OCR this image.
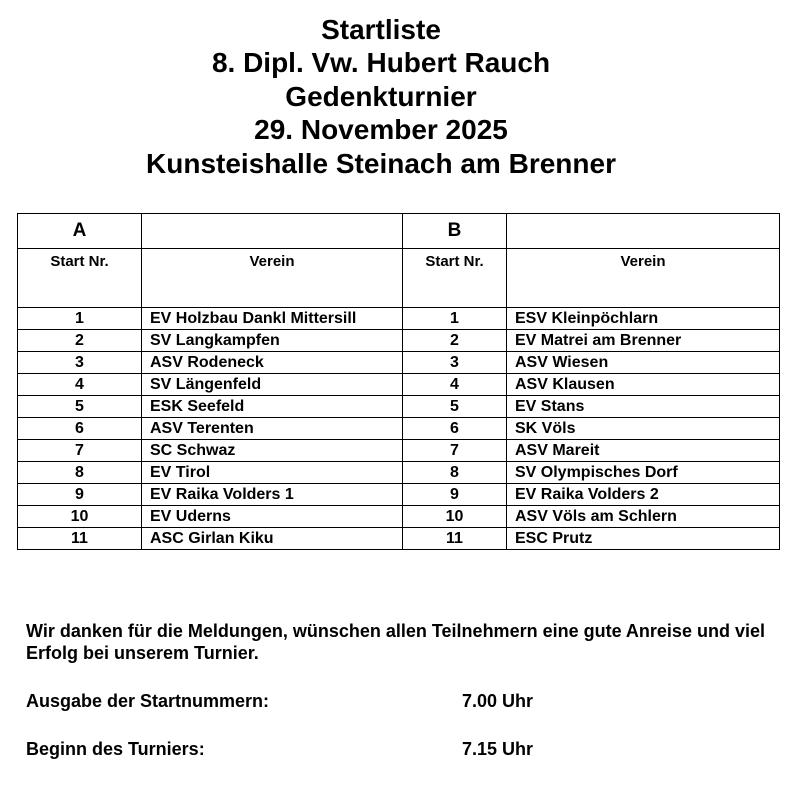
Startliste
8. Dipl. Vw. Hubert Rauch
Gedenkturnier
29. November 2025
Kunsteishalle Steinach am Brenner
A		B	
Start Nr.	Verein	Start Nr.	Verein
1	EV Holzbau Dankl Mittersill	1	ESV Kleinpöchlarn
2	SV Langkampfen	2	EV Matrei am Brenner
3	ASV Rodeneck	3	ASV Wiesen
4	SV Längenfeld	4	ASV Klausen
5	ESK Seefeld	5	EV Stans
6	ASV Terenten	6	SK Völs
7	SC Schwaz	7	ASV Mareit
8	EV Tirol	8	SV Olympisches Dorf
9	EV Raika Volders 1	9	EV Raika Volders 2
10	EV Uderns	10	ASV Völs am Schlern
11	ASC Girlan Kiku	11	ESC Prutz
Wir danken für die Meldungen, wünschen allen Teilnehmern eine gute Anreise und viel Erfolg bei unserem Turnier.
Ausgabe der Startnummern:	7.00 Uhr
Beginn des Turniers:	7.15 Uhr
